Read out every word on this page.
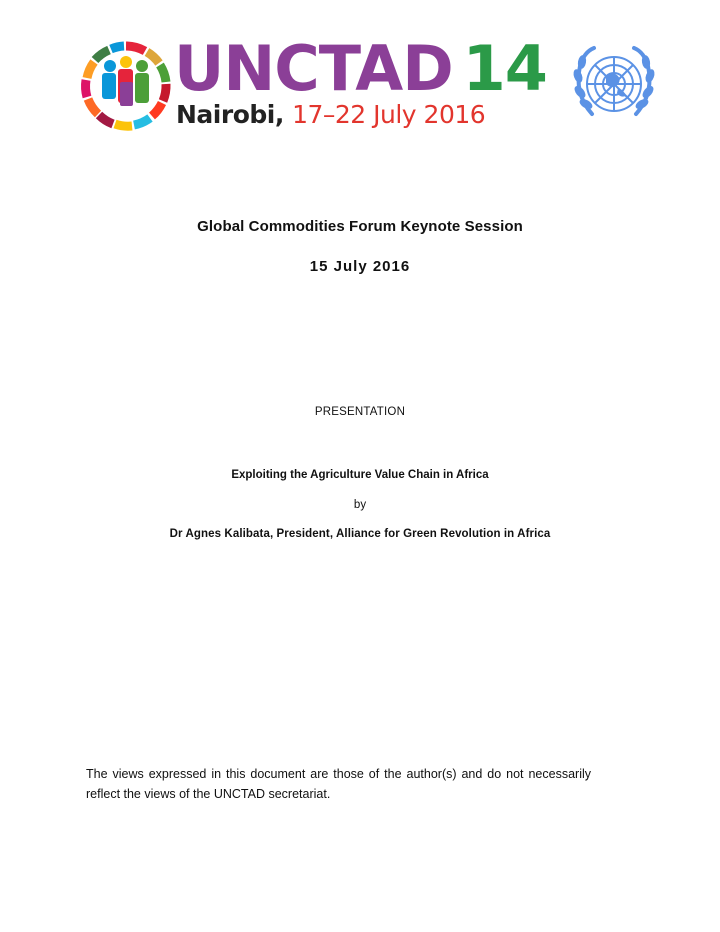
UNCTAD 14
Nairobi, 17–22 July 2016
Global Commodities Forum Keynote Session
15 July 2016
PRESENTATION
Exploiting the Agriculture Value Chain in Africa
by
Dr Agnes Kalibata, President, Alliance for Green Revolution in Africa
The views expressed in this document are those of the author(s) and do not necessarily reflect the views of the UNCTAD secretariat.
